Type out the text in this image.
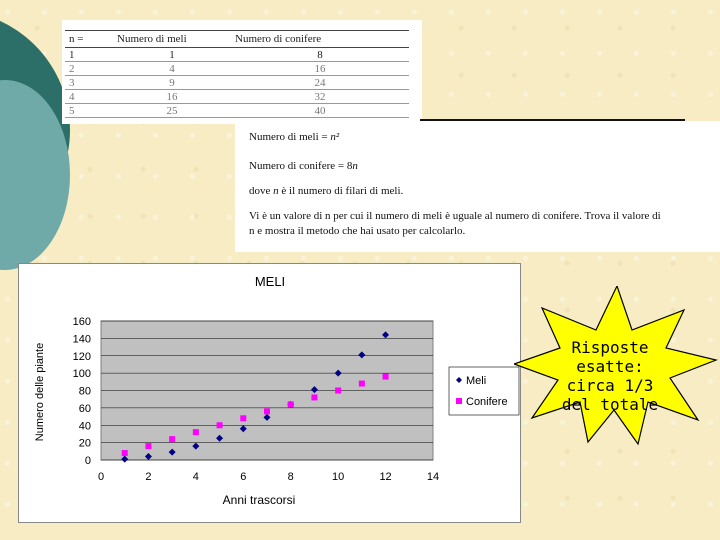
n =	Numero di meli	Numero di conifere
1	1	8
2	4	16
3	9	24
4	16	32
5	25	40

Numero di meli = n²

Numero di conifere = 8n

dove n è il numero di filari di meli.

Vi è un valore di n per cui il numero di meli è uguale al numero di conifere. Trova il valore di

n e mostra il metodo che hai usato per calcolarlo.

0
20
40
60
80
100
120
140
160
0	2	4	6	8	10	12	14
MELI
Anni trascorsi
Numero delle piante	Meli
Conifere
Risposte
esatte:
circa 1/3
del totale
